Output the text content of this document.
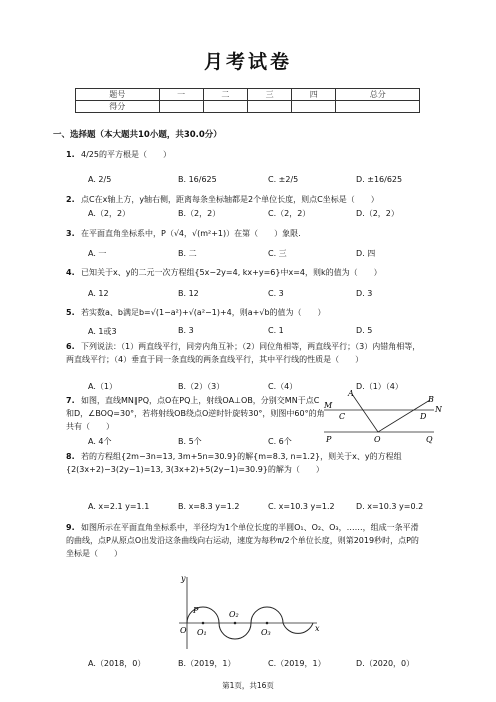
月考试卷
题号	一	二	三	四	总分
得分					
一、选择题（本大题共10小题，共30.0分）
1. 4/25的平方根是（　　）
A. 2/5	B. 16/625	C. ±2/5	D. ±16/625
2. 点C在x轴上方，y轴右侧，距离每条坐标轴都是2个单位长度，则点C坐标是（　　）
A.（2，2）	B.（2，2）	C.（2，2）	D.（2，2）
3. 在平面直角坐标系中，P（√4，√(m²+1)）在第（　　）象限.
A. 一	B. 二	C. 三	D. 四
4. 已知关于x、y的二元一次方程组{5x−2y=4, kx+y=6}中x=4，则k的值为（　　）
A. 12	B. 12	C. 3	D. 3
5. 若实数a、b满足b=√(1−a²)+√(a²−1)+4，则a+√b的值为（　　）
A. 1或3	B. 3	C. 1	D. 5
6. 下列说法：（1）两直线平行，同旁内角互补；（2）同位角相等，两直线平行；（3）内错角相等，两直线平行；（4）垂直于同一条直线的两条直线平行，其中平行线的性质是（　　）
A.（1）	B.（2）（3）	C.（4）	D.（1）（4）
7. 如图，直线MN∥PQ，点O在PQ上，射线OA⊥OB，分别交MN于点C和D，∠BOQ=30°，若将射线OB绕点O逆时针旋转30°，则图中60°的角共有（　　）
A. 4个	B. 5个	C. 6个
A
B
M	N
C	D
P	O	Q
8. 若的方程组{2m−3n=13, 3m+5n=30.9}的解{m=8.3, n=1.2}，则关于x、y的方程组{2(3x+2)−3(2y−1)=13, 3(3x+2)+5(2y−1)=30.9}的解为（　　）
A. x=2.1 y=1.1	B. x=8.3 y=1.2	C. x=10.3 y=1.2	D. x=10.3 y=0.2
9. 如图所示在平面直角坐标系中，半径均为1个单位长度的半圆O₁、O₂、O₃，……，组成一条平滑的曲线，点P从原点O出发沿这条曲线向右运动，速度为每秒π/2个单位长度，则第2019秒时，点P的坐标是（　　）
y
x
O
P
O₁
O₂
O₃
A.（2018，0）	B.（2019，1）	C.（2019，1）	D.（2020，0）
第1页，共16页
